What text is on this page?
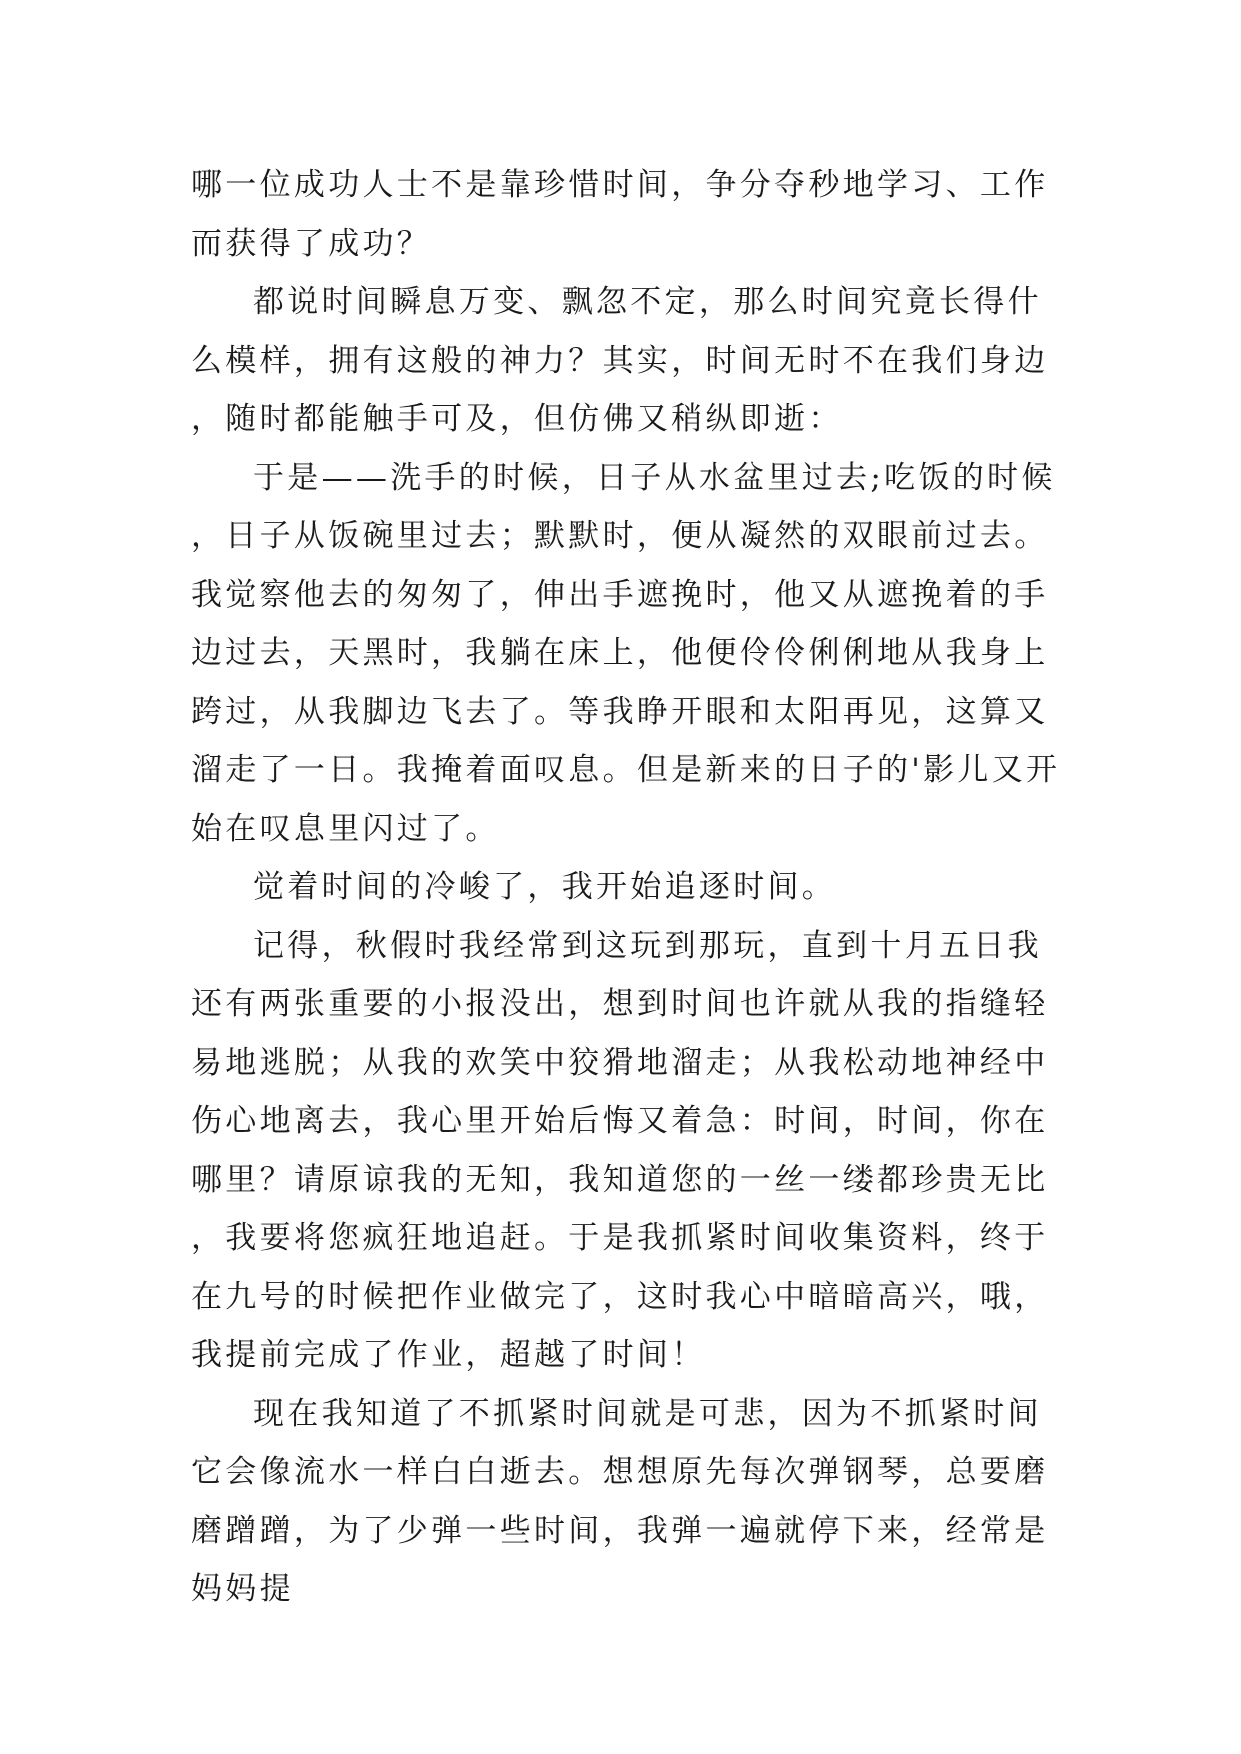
哪一位成功人士不是靠珍惜时间，争分夺秒地学习、工作而获得了成功？

都说时间瞬息万变、飘忽不定，那么时间究竟长得什么模样，拥有这般的神力？其实，时间无时不在我们身边，随时都能触手可及，但仿佛又稍纵即逝：

于是——洗手的时候，日子从水盆里过去;吃饭的时候，日子从饭碗里过去；默默时，便从凝然的双眼前过去。我觉察他去的匆匆了，伸出手遮挽时，他又从遮挽着的手边过去，天黑时，我躺在床上，他便伶伶俐俐地从我身上跨过，从我脚边飞去了。等我睁开眼和太阳再见，这算又溜走了一日。我掩着面叹息。但是新来的日子的'影儿又开始在叹息里闪过了。

觉着时间的冷峻了，我开始追逐时间。

记得，秋假时我经常到这玩到那玩，直到十月五日我还有两张重要的小报没出，想到时间也许就从我的指缝轻易地逃脱；从我的欢笑中狡猾地溜走；从我松动地神经中伤心地离去，我心里开始后悔又着急：时间，时间，你在哪里？请原谅我的无知，我知道您的一丝一缕都珍贵无比，我要将您疯狂地追赶。于是我抓紧时间收集资料，终于在九号的时候把作业做完了，这时我心中暗暗高兴，哦，我提前完成了作业，超越了时间！

现在我知道了不抓紧时间就是可悲，因为不抓紧时间它会像流水一样白白逝去。想想原先每次弹钢琴，总要磨磨蹭蹭，为了少弹一些时间，我弹一遍就停下来，经常是妈妈提
